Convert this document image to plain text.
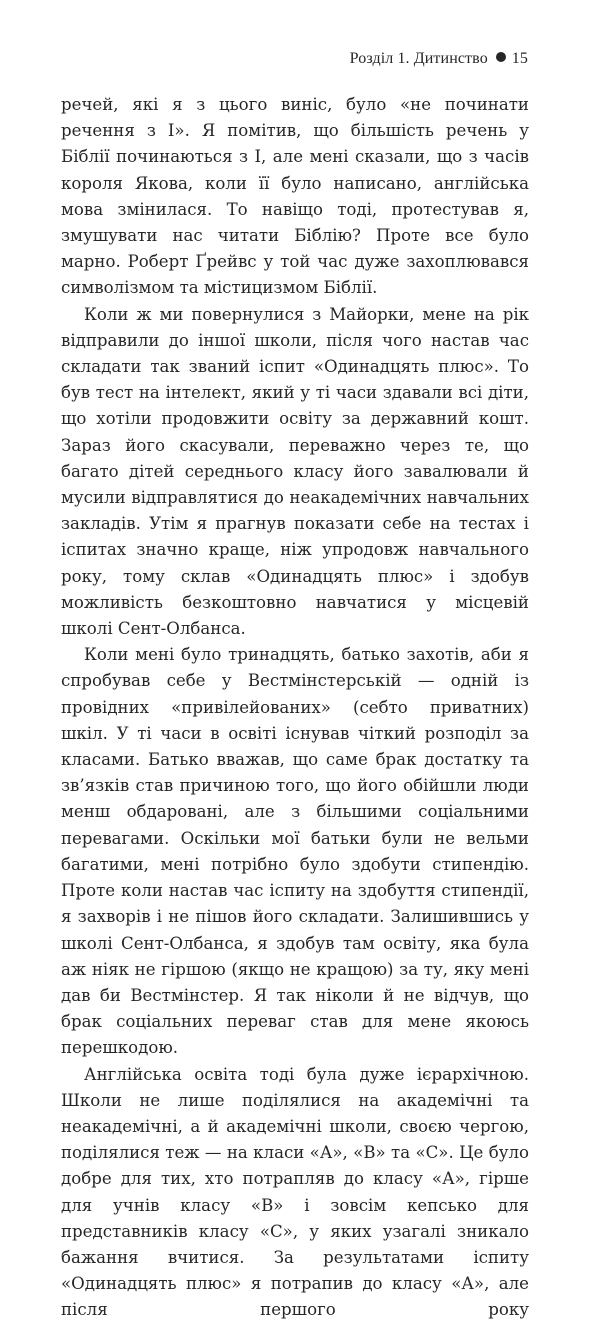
Розділ 1. Дитинство 15

речей, які я з цього виніс, було «не починати речення з І». Я помітив, що більшість речень у Біблії починаються з І, але мені сказали, що з часів короля Якова, коли її було написано, англійська мова змінилася. То навіщо тоді, протестував я, змушувати нас читати Біблію? Проте все було марно. Роберт Ґрейвс у той час дуже захоплювався символізмом та містицизмом Біблії.

Коли ж ми повернулися з Майорки, мене на рік відправили до іншої школи, після чого настав час складати так званий іспит «Одинадцять плюс». То був тест на інтелект, який у ті часи здавали всі діти, що хотіли продовжити освіту за державний кошт. Зараз його скасували, переважно через те, що багато дітей середнього класу його завалювали й мусили відправлятися до неакадемічних навчальних закладів. Утім я прагнув показати себе на тестах і іспитах значно краще, ніж упродовж навчального року, тому склав «Одинадцять плюс» і здобув можливість безкоштовно навчатися у місцевій школі Сент-Олбанса.

Коли мені було тринадцять, батько захотів, аби я спробував себе у Вестмінстерській — одній із провідних «привілейованих» (себто приватних) шкіл. У ті часи в освіті існував чіткий розподіл за класами. Батько вважав, що саме брак достатку та зв’язків став причиною того, що його обійшли люди менш обдаровані, але з більшими соціальними перевагами. Оскільки мої батьки були не вельми багатими, мені потрібно було здобути стипендію. Проте коли настав час іспиту на здобуття стипендії, я захворів і не пішов його складати. Залишившись у школі Сент-Олбанса, я здобув там освіту, яка була аж ніяк не гіршою (якщо не кращою) за ту, яку мені дав би Вестмінстер. Я так ніколи й не відчув, що брак соціальних переваг став для мене якоюсь перешкодою.

Англійська освіта тоді була дуже ієрархічною. Школи не лише поділялися на академічні та неакадемічні, а й академічні школи, своєю чергою, поділялися теж — на класи «А», «В» та «С». Це було добре для тих, хто потрапляв до класу «А», гірше для учнів класу «В» і зовсім кепсько для представників класу «С», у яких узагалі зникало бажання вчитися. За результатами іспиту «Одинадцять плюс» я потрапив до класу «А», але після першого року
